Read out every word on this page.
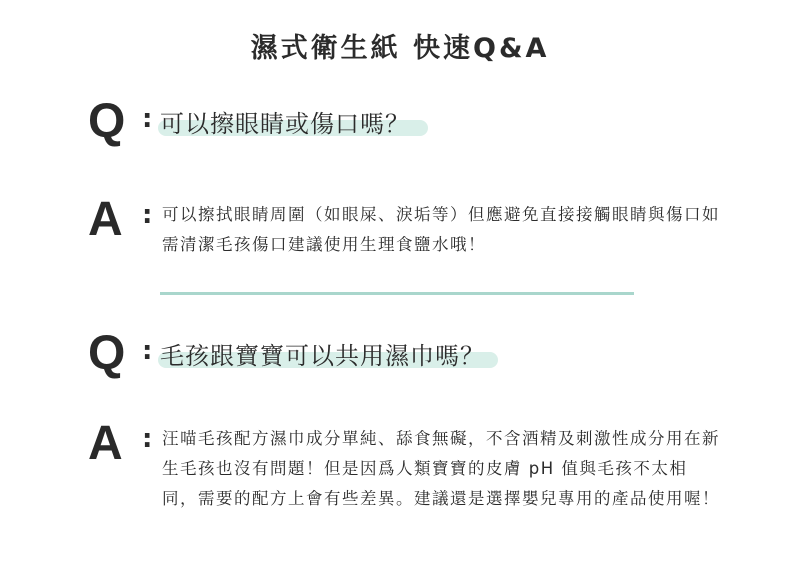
濕式衛生紙 快速Q&A
Q : 可以擦眼睛或傷口嗎？
A : 可以擦拭眼睛周圍（如眼屎、淚垢等）但應避免直接接觸眼睛與傷口如需清潔毛孩傷口建議使用生理食鹽水哦！
Q : 毛孩跟寶寶可以共用濕巾嗎？
A : 汪喵毛孩配方濕巾成分單純、舔食無礙，不含酒精及刺激性成分用在新生毛孩也沒有問題！但是因爲人類寶寶的皮膚 pH 值與毛孩不太相同，需要的配方上會有些差異。建議還是選擇嬰兒專用的產品使用喔！
